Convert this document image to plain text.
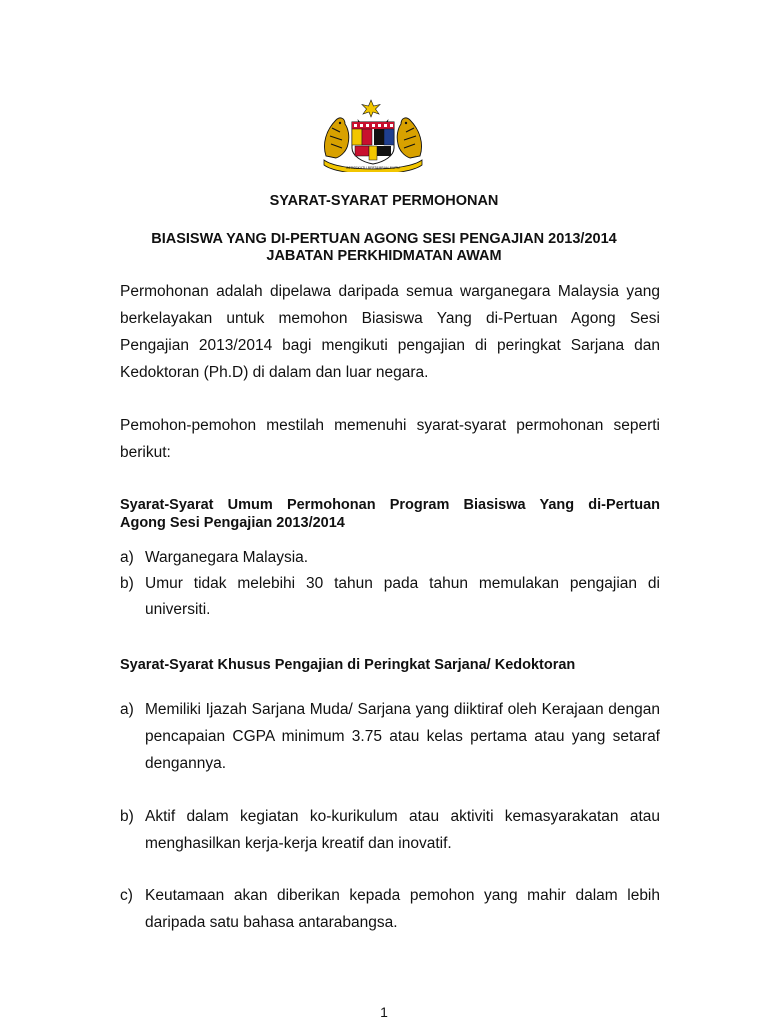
BERSEKUTU BERTAMBAH MUTU
SYARAT-SYARAT PERMOHONAN
BIASISWA YANG DI-PERTUAN AGONG SESI PENGAJIAN 2013/2014
JABATAN PERKHIDMATAN AWAM
Permohonan adalah dipelawa daripada semua warganegara Malaysia yang
berkelayakan untuk memohon Biasiswa Yang di-Pertuan Agong Sesi
Pengajian 2013/2014 bagi mengikuti pengajian di peringkat Sarjana dan
Kedoktoran (Ph.D) di dalam dan luar negara.
Pemohon-pemohon mestilah memenuhi syarat-syarat permohonan seperti
berikut:
Syarat-Syarat Umum Permohonan Program Biasiswa Yang di-Pertuan
Agong Sesi Pengajian 2013/2014
a) Warganegara Malaysia.
b) Umur tidak melebihi 30 tahun pada tahun memulakan pengajian di
universiti.
Syarat-Syarat Khusus Pengajian di Peringkat Sarjana/ Kedoktoran
a) Memiliki Ijazah Sarjana Muda/ Sarjana yang diiktiraf oleh Kerajaan dengan
pencapaian CGPA minimum 3.75 atau kelas pertama atau yang setaraf
dengannya.
b) Aktif dalam kegiatan ko-kurikulum atau aktiviti kemasyarakatan atau
menghasilkan kerja-kerja kreatif dan inovatif.
c) Keutamaan akan diberikan kepada pemohon yang mahir dalam lebih
daripada satu bahasa antarabangsa.
1
